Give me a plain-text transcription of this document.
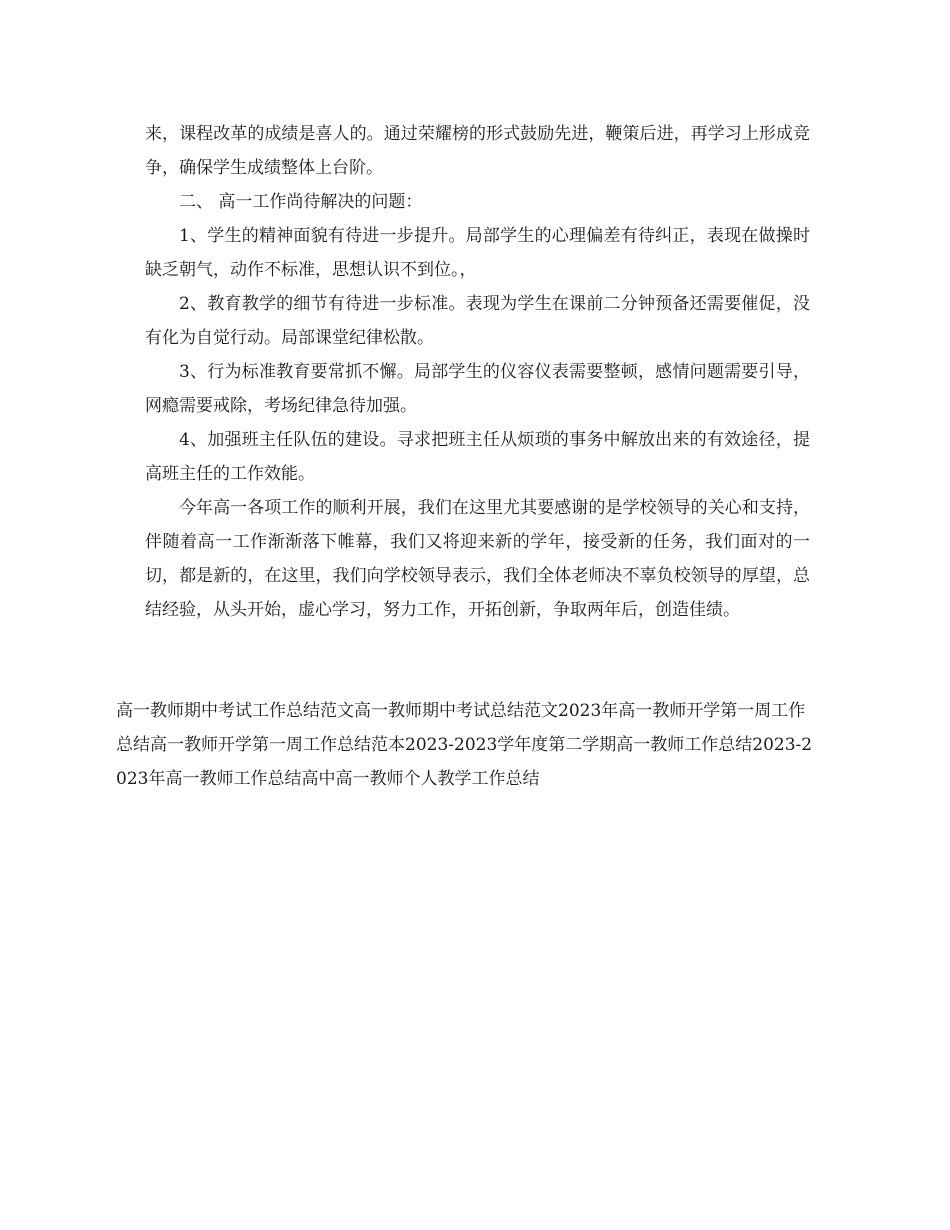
来，课程改革的成绩是喜人的。通过荣耀榜的形式鼓励先进，鞭策后进，再学习上形成竞争，确保学生成绩整体上台阶。

二、 高一工作尚待解决的问题：

1、学生的精神面貌有待进一步提升。局部学生的心理偏差有待纠正，表现在做操时缺乏朝气，动作不标准，思想认识不到位。，

2、教育教学的细节有待进一步标准。表现为学生在课前二分钟预备还需要催促，没有化为自觉行动。局部课堂纪律松散。

3、行为标准教育要常抓不懈。局部学生的仪容仪表需要整顿，感情问题需要引导，网瘾需要戒除，考场纪律急待加强。

4、加强班主任队伍的建设。寻求把班主任从烦琐的事务中解放出来的有效途径，提高班主任的工作效能。

今年高一各项工作的顺利开展，我们在这里尤其要感谢的是学校领导的关心和支持，伴随着高一工作渐渐落下帷幕，我们又将迎来新的学年，接受新的任务，我们面对的一切，都是新的，在这里，我们向学校领导表示，我们全体老师决不辜负校领导的厚望，总结经验，从头开始，虚心学习，努力工作，开拓创新，争取两年后，创造佳绩。

高一教师期中考试工作总结范文高一教师期中考试总结范文2023年高一教师开学第一周工作总结高一教师开学第一周工作总结范本2023-2023学年度第二学期高一教师工作总结2023-2023年高一教师工作总结高中高一教师个人教学工作总结
